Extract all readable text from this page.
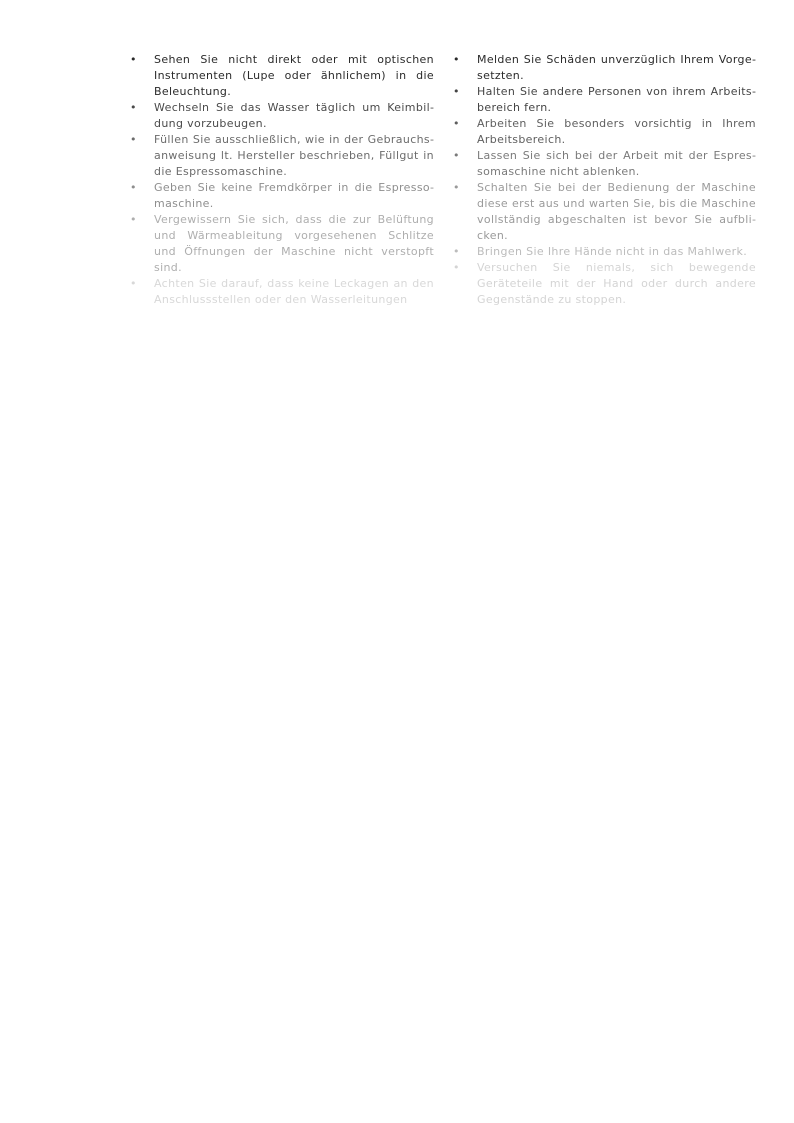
• Sehen Sie nicht direkt oder mit optischen Instrumenten (Lupe oder ähnlichem) in die Beleuchtung.
• Wechseln Sie das Wasser täglich um Keimbildung vorzubeugen.
• Füllen Sie ausschließlich, wie in der Gebrauchsanweisung lt. Hersteller beschrieben, Füllgut in die Espressomaschine.
• Geben Sie keine Fremdkörper in die Espressomaschine.
• Vergewissern Sie sich, dass die zur Belüftung und Wärmeableitung vorgesehenen Schlitze und Öffnungen der Maschine nicht verstopft sind.
• Achten Sie darauf, dass keine Leckagen an den Anschlussstellen oder den Wasserleitungen
• Melden Sie Schäden unverzüglich Ihrem Vorgesetzten.
• Halten Sie andere Personen von ihrem Arbeitsbereich fern.
• Arbeiten Sie besonders vorsichtig in Ihrem Arbeitsbereich.
• Lassen Sie sich bei der Arbeit mit der Espressomaschine nicht ablenken.
• Schalten Sie bei der Bedienung der Maschine diese erst aus und warten Sie, bis die Maschine vollständig abgeschalten ist bevor Sie aufblicken.
• Bringen Sie Ihre Hände nicht in das Mahlwerk.
• Versuchen Sie niemals, sich bewegende Geräteteile mit der Hand oder durch andere Gegenstände zu stoppen.
